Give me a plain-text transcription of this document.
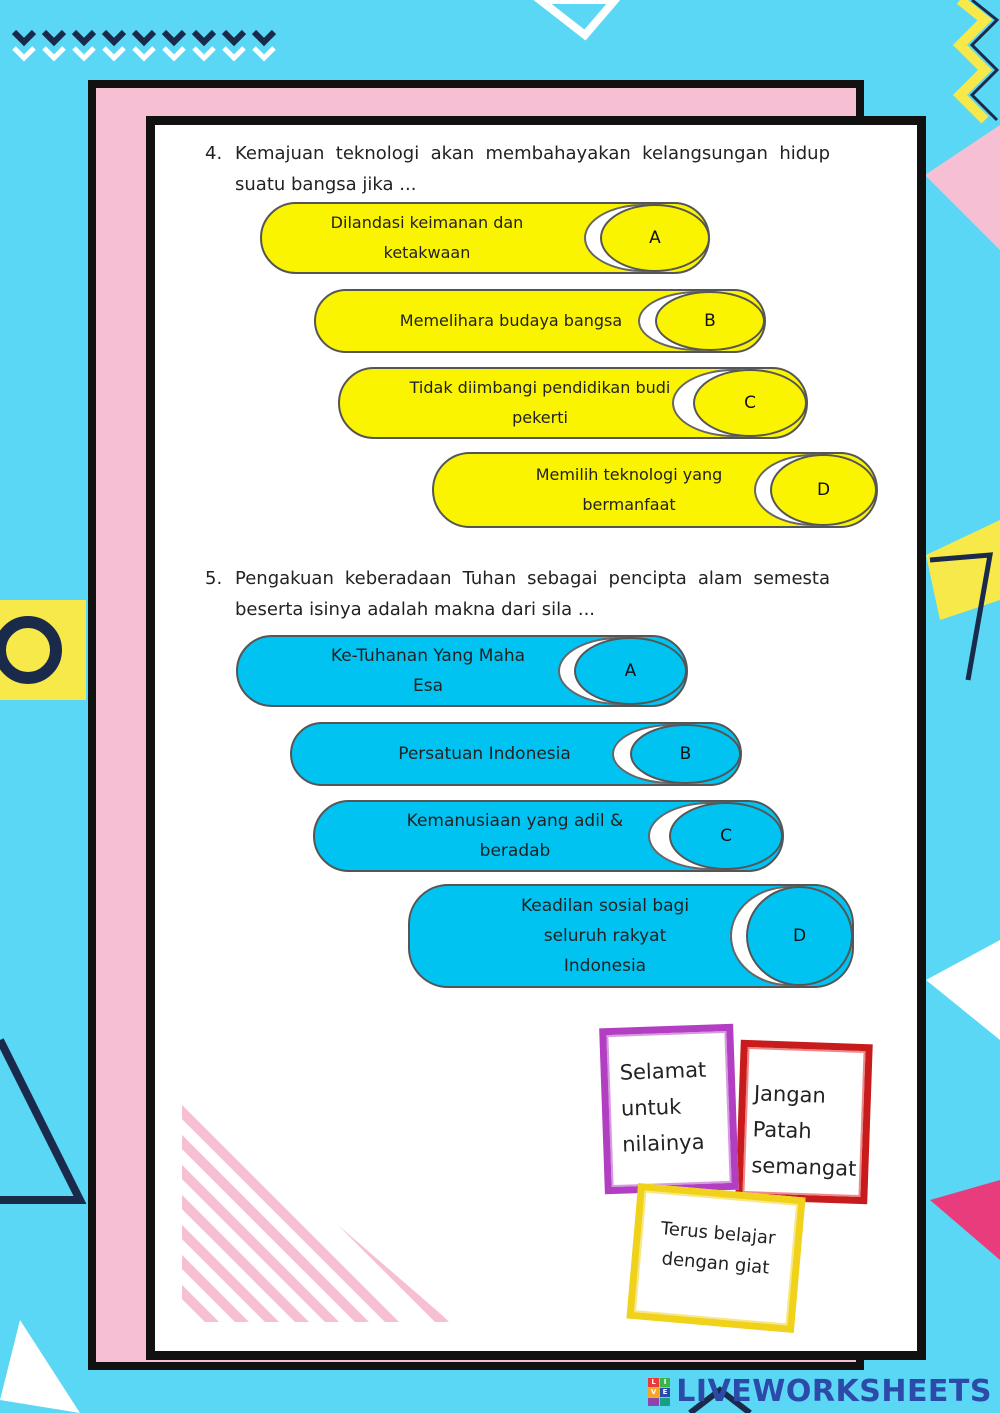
4. Kemajuan teknologi akan membahayakan kelangsungan hidup suatu bangsa jika ...
Dilandasi keimanan dan ketakwaan
A
Memelihara budaya bangsa	B
Tidak diimbangi pendidikan budi pekerti
C
Memilih teknologi yang bermanfaat
D
5. Pengakuan keberadaan Tuhan sebagai pencipta alam semesta beserta isinya adalah makna dari sila ...
Ke-Tuhanan Yang Maha Esa
A
Persatuan Indonesia	B
Kemanusiaan yang adil & beradab
C
Keadilan sosial bagi seluruh rakyat Indonesia
D
Jangan Patah semangat
Selamat untuk nilainya
Terus belajar dengan giat
L	I
V E LIVEWORKSHEETS
